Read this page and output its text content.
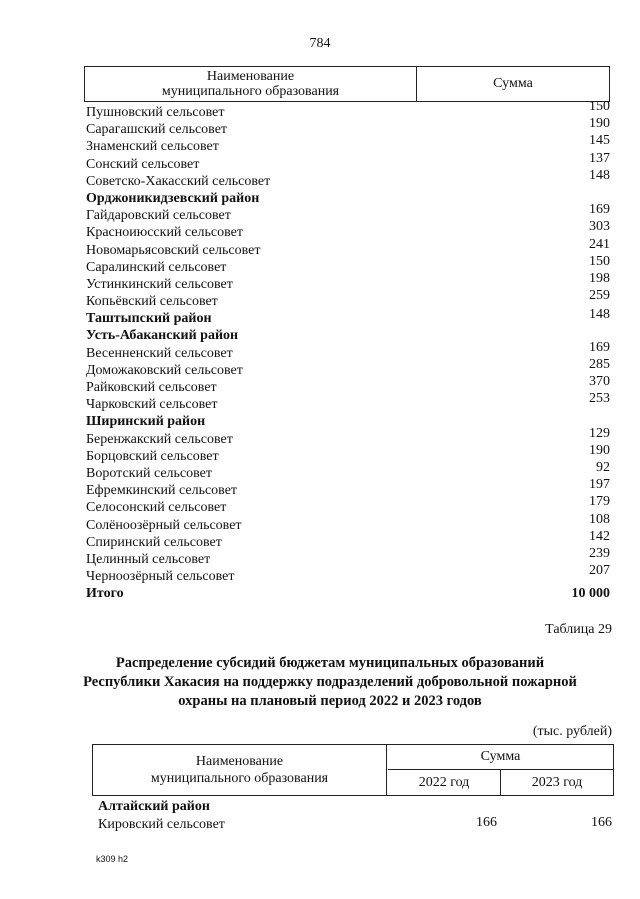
784
Наименование
муниципального образования
Сумма
Пушновский сельсовет	150
Сарагашский сельсовет	190
Знаменский сельсовет	145
Сонский сельсовет	137
Советско-Хакасский сельсовет	148
Орджоникидзевский район
Гайдаровский сельсовет	169
Красноиюсский сельсовет	303
Новомарьясовский сельсовет	241
Саралинский сельсовет	150
Устинкинский сельсовет	198
Копьёвский сельсовет	259
Таштыпский район	148
Усть-Абаканский район
Весенненский сельсовет	169
Доможаковский сельсовет	285
Райковский сельсовет	370
Чарковский сельсовет	253
Ширинский район
Беренжакский сельсовет	129
Борцовский сельсовет	190
Воротский сельсовет	92
Ефремкинский сельсовет	197
Селосонский сельсовет	179
Солёноозёрный сельсовет	108
Спиринский сельсовет	142
Целинный сельсовет	239
Черноозёрный сельсовет	207
Итого	10 000
Таблица 29
Распределение субсидий бюджетам муниципальных образований
Республики Хакасия на поддержку подразделений добровольной пожарной
охраны на плановый период 2022 и 2023 годов
(тыс. рублей)
Наименование
муниципального образования
Сумма
2022 год	2023 год
Алтайский район
Кировский сельсовет	166	166
k309 h2
